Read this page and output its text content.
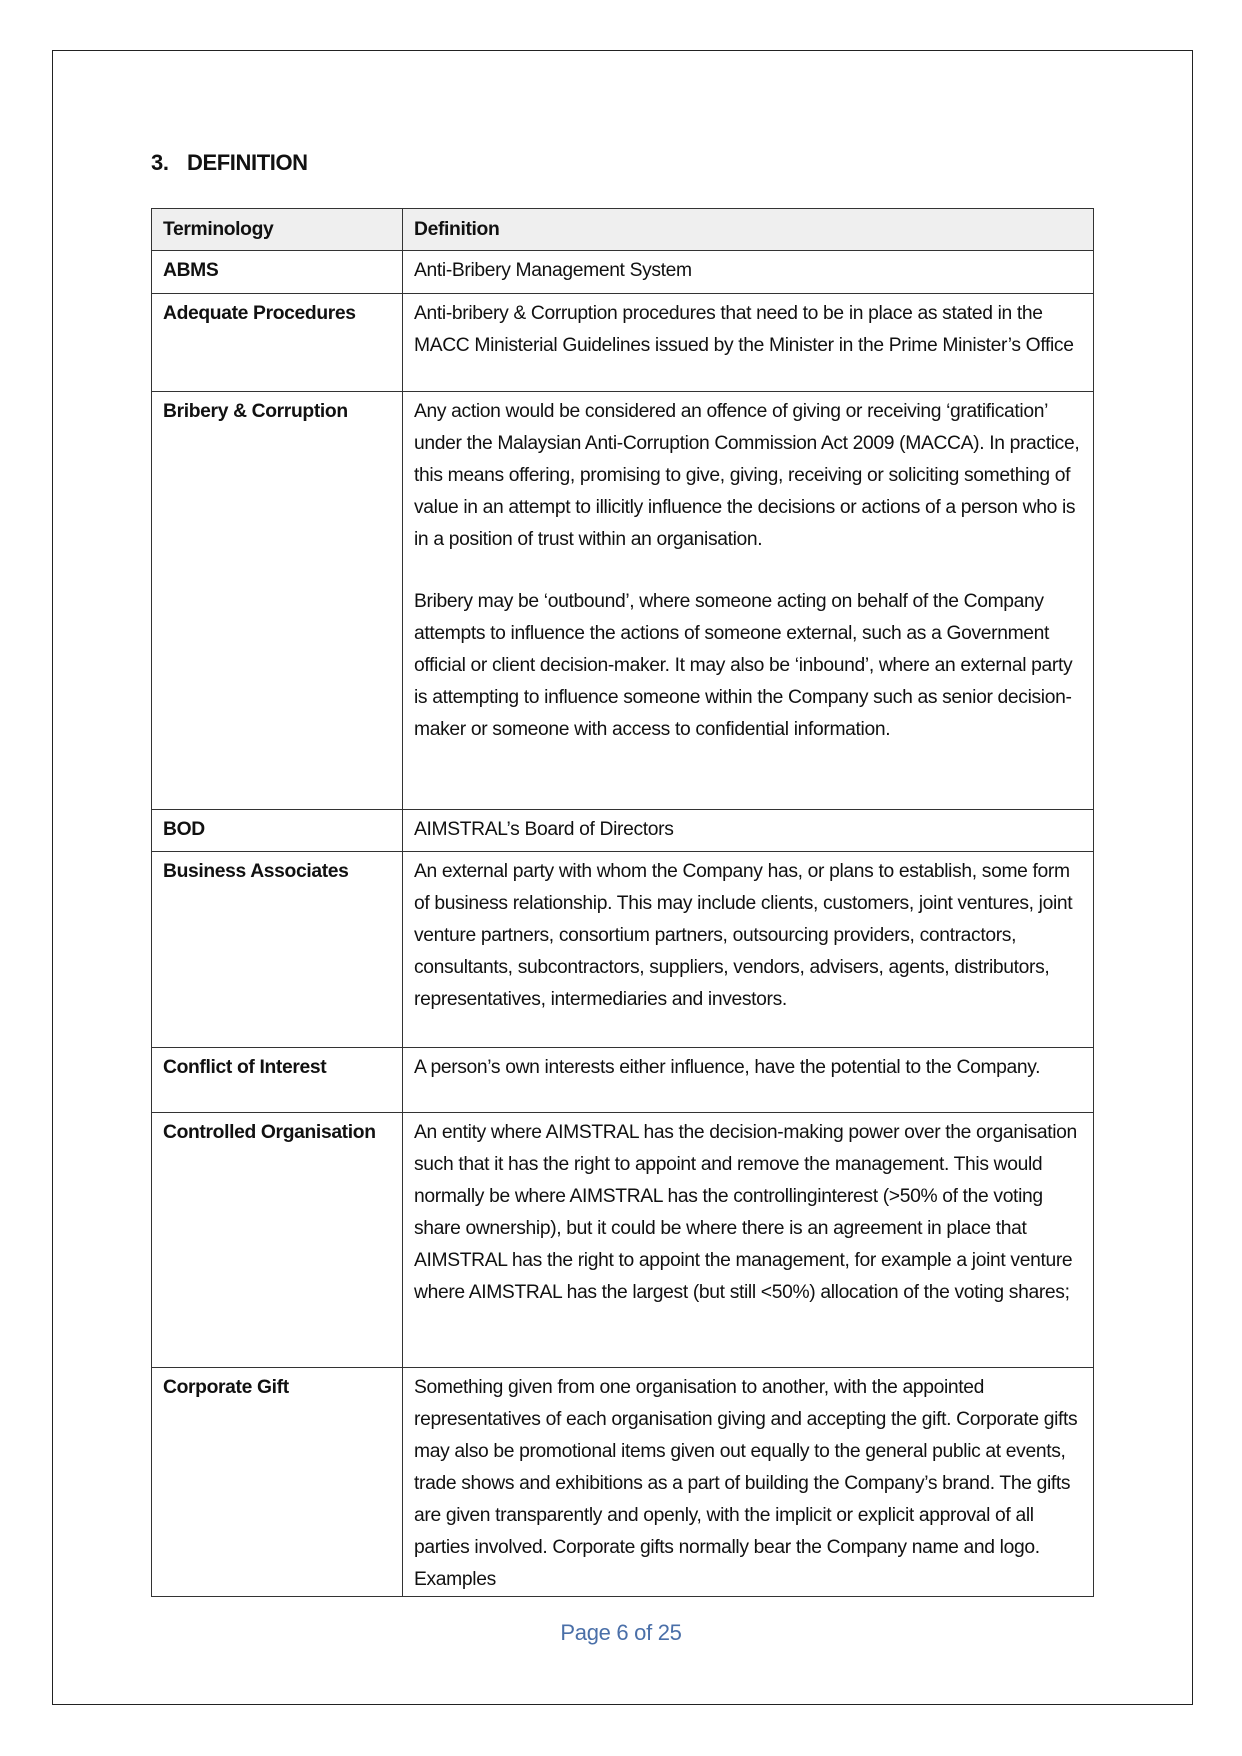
3. DEFINITION
Terminology	Definition
ABMS	Anti-Bribery Management System

Adequate Procedures	Anti-bribery & Corruption procedures that need to be in place as stated in the MACC Ministerial Guidelines issued by the Minister in the Prime Minister’s Office

Bribery & Corruption	Any action would be considered an offence of giving or receiving ‘gratification’ under the Malaysian Anti-Corruption Commission Act 2009 (MACCA). In practice, this means offering, promising to give, giving, receiving or soliciting something of value in an attempt to illicitly influence the decisions or actions of a person who is in a position of trust within an organisation.

Bribery may be ‘outbound’, where someone acting on behalf of the Company attempts to influence the actions of someone external, such as a Government official or client decision-maker. It may also be ‘inbound’, where an external party is attempting to influence someone within the Company such as senior decision-maker or someone with access to confidential information.

BOD	AIMSTRAL’s Board of Directors

Business Associates	An external party with whom the Company has, or plans to establish, some form of business relationship. This may include clients, customers, joint ventures, joint venture partners, consortium partners, outsourcing providers, contractors, consultants, subcontractors, suppliers, vendors, advisers, agents, distributors, representatives, intermediaries and investors.

Conflict of Interest	A person’s own interests either influence, have the potential to the Company.

Controlled Organisation	An entity where AIMSTRAL has the decision-making power over the organisation such that it has the right to appoint and remove the management. This would normally be where AIMSTRAL has the controllinginterest (>50% of the voting share ownership), but it could be where there is an agreement in place that AIMSTRAL has the right to appoint the management, for example a joint venture where AIMSTRAL has the largest (but still <50%) allocation of the voting shares;

Corporate Gift	Something given from one organisation to another, with the appointed representatives of each organisation giving and accepting the gift. Corporate gifts may also be promotional items given out equally to the general public at events, trade shows and exhibitions as a part of building the Company’s brand. The gifts are given transparently and openly, with the implicit or explicit approval of all parties involved. Corporate gifts normally bear the Company name and logo. Examples

Page 6 of 25
